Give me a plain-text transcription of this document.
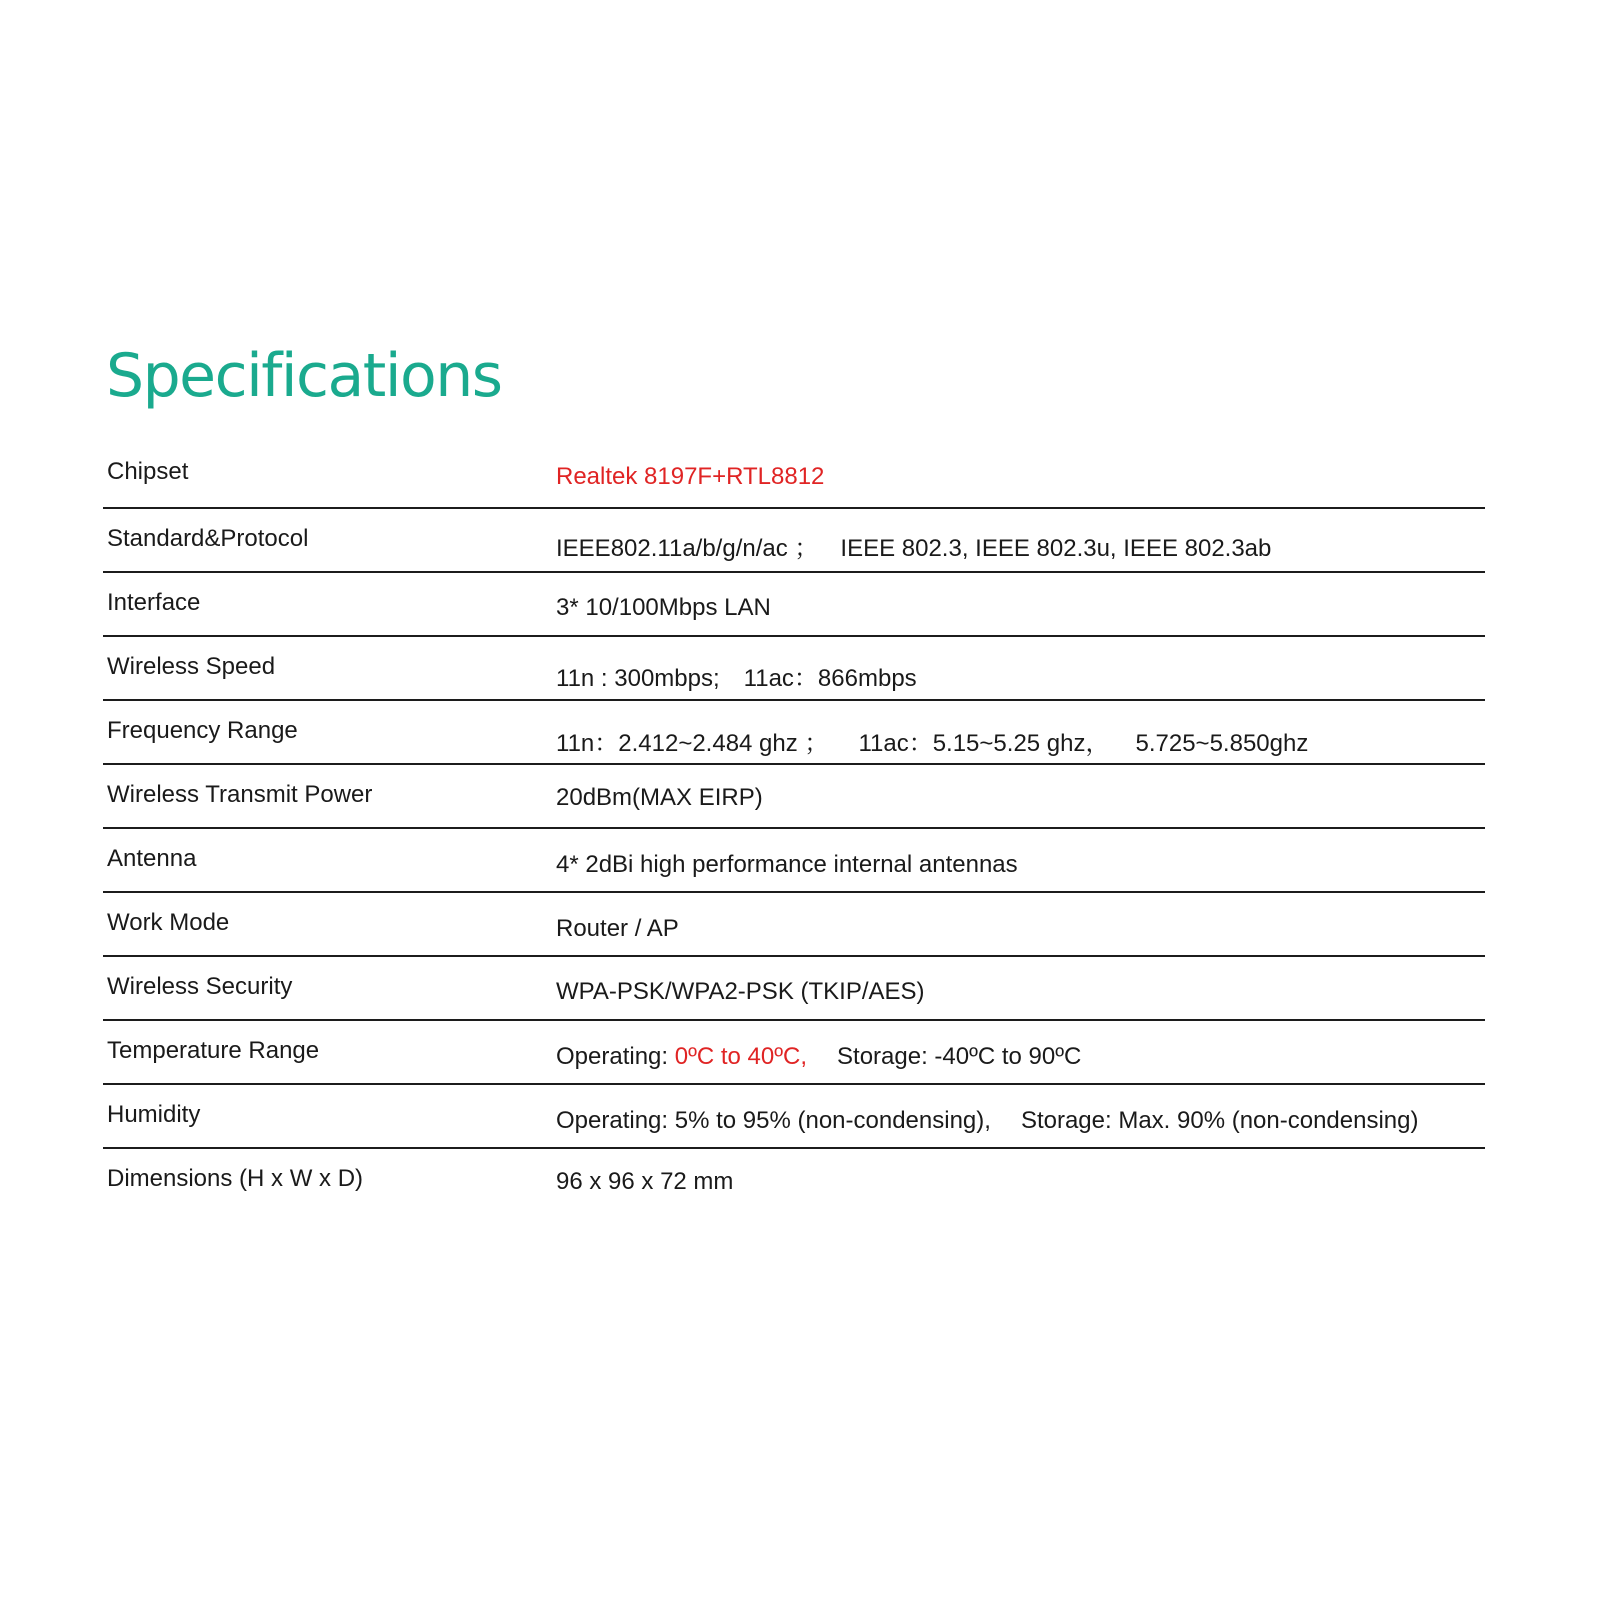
Specifications
Chipset	Realtek 8197F+RTL8812
Standard&Protocol	IEEE802.11a/b/g/n/ac ； IEEE 802.3, IEEE 802.3u, IEEE 802.3ab
Interface	3* 10/100Mbps LAN
Wireless Speed	11n : 300mbps; 11ac：866mbps
Frequency Range	11n：2.412~2.484 ghz ； 11ac：5.15~5.25 ghz， 5.725~5.850ghz
Wireless Transmit Power	20dBm(MAX EIRP)
Antenna	4* 2dBi high performance internal antennas
Work Mode	Router / AP
Wireless Security	WPA-PSK/WPA2-PSK (TKIP/AES)
Temperature Range	Operating: 0ºC to 40ºC, Storage: -40ºC to 90ºC
Humidity	Operating: 5% to 95% (non-condensing), Storage: Max. 90% (non-condensing)
Dimensions (H x W x D)	96 x 96 x 72 mm
